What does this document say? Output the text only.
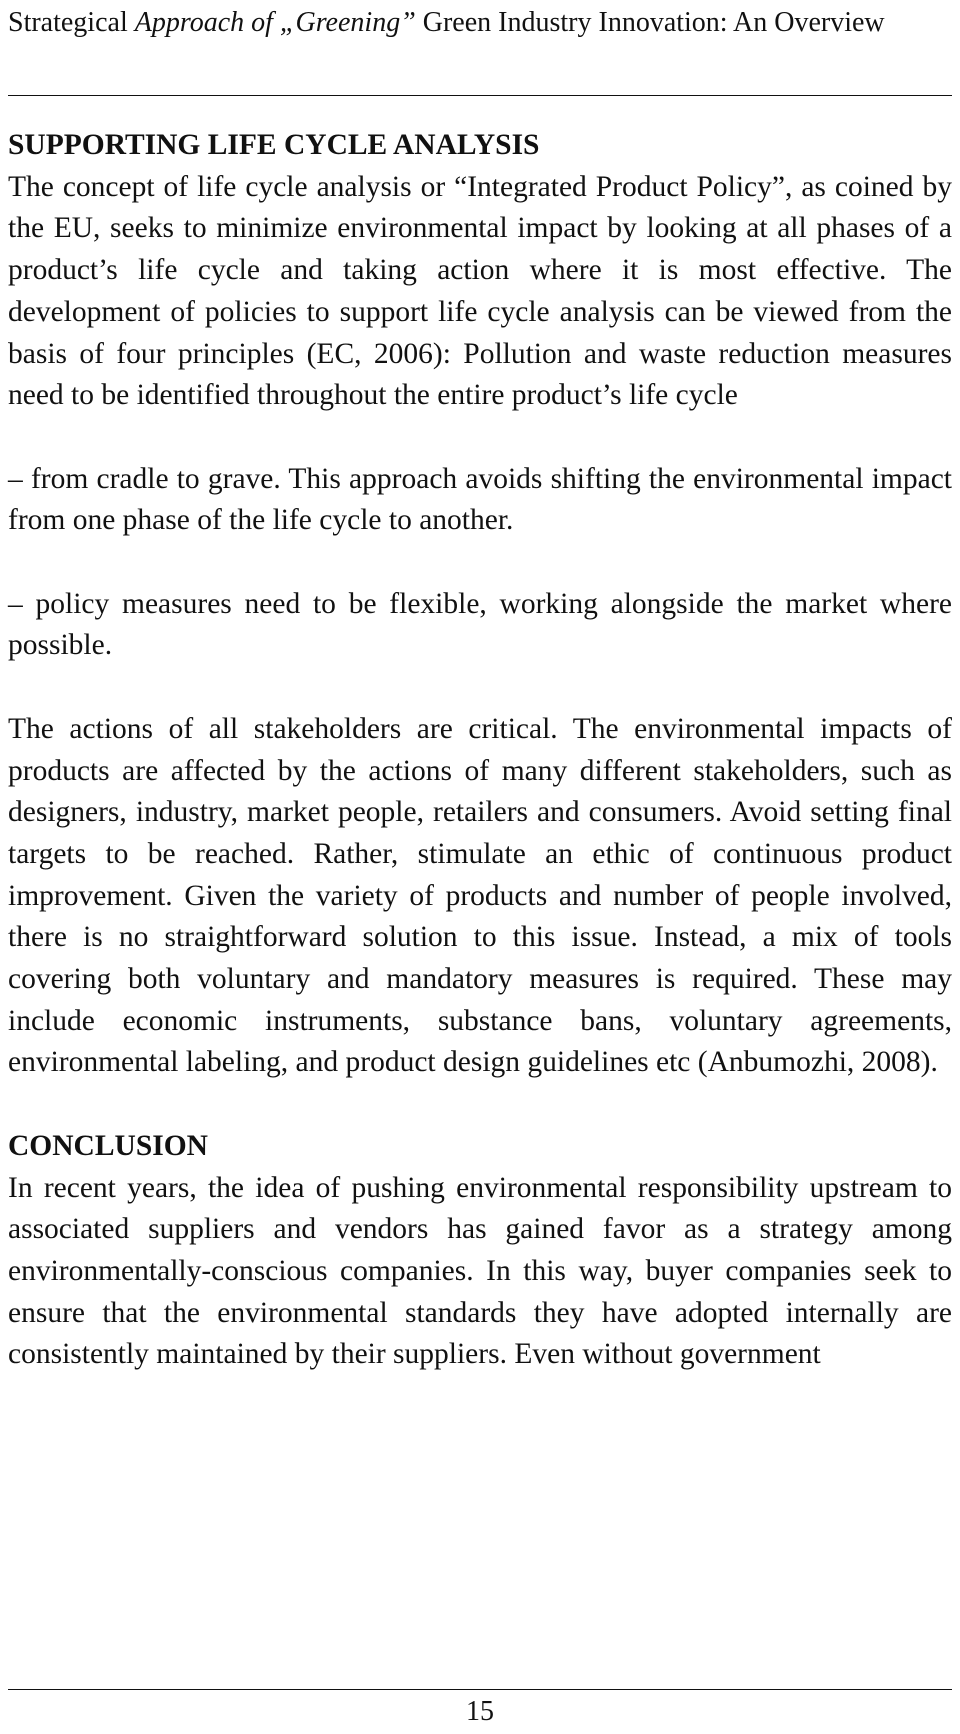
Strategical Approach of „Greening” Green Industry Innovation: An Overview
SUPPORTING LIFE CYCLE ANALYSIS

The concept of life cycle analysis or “Integrated Product Policy”, as coined by the EU, seeks to minimize environmental impact by looking at all phases of a product’s life cycle and taking action where it is most effective. The development of policies to support life cycle analysis can be viewed from the basis of four principles (EC, 2006): Pollution and waste reduction measures need to be identified throughout the entire product’s life cycle

– from cradle to grave. This approach avoids shifting the environmental impact from one phase of the life cycle to another.

– policy measures need to be flexible, working alongside the market where possible.

The actions of all stakeholders are critical. The environmental impacts of products are affected by the actions of many different stakeholders, such as designers, industry, market people, retailers and consumers. Avoid setting final targets to be reached. Rather, stimulate an ethic of continuous product improvement. Given the variety of products and number of people involved, there is no straightforward solution to this issue. Instead, a mix of tools covering both voluntary and mandatory measures is required. These may include economic instruments, substance bans, voluntary agreements, environmental labeling, and product design guidelines etc (Anbumozhi, 2008).

CONCLUSION

In recent years, the idea of pushing environmental responsibility upstream to associated suppliers and vendors has gained favor as a strategy among environmentally-conscious companies. In this way, buyer companies seek to ensure that the environmental standards they have adopted internally are consistently maintained by their suppliers. Even without government

15
